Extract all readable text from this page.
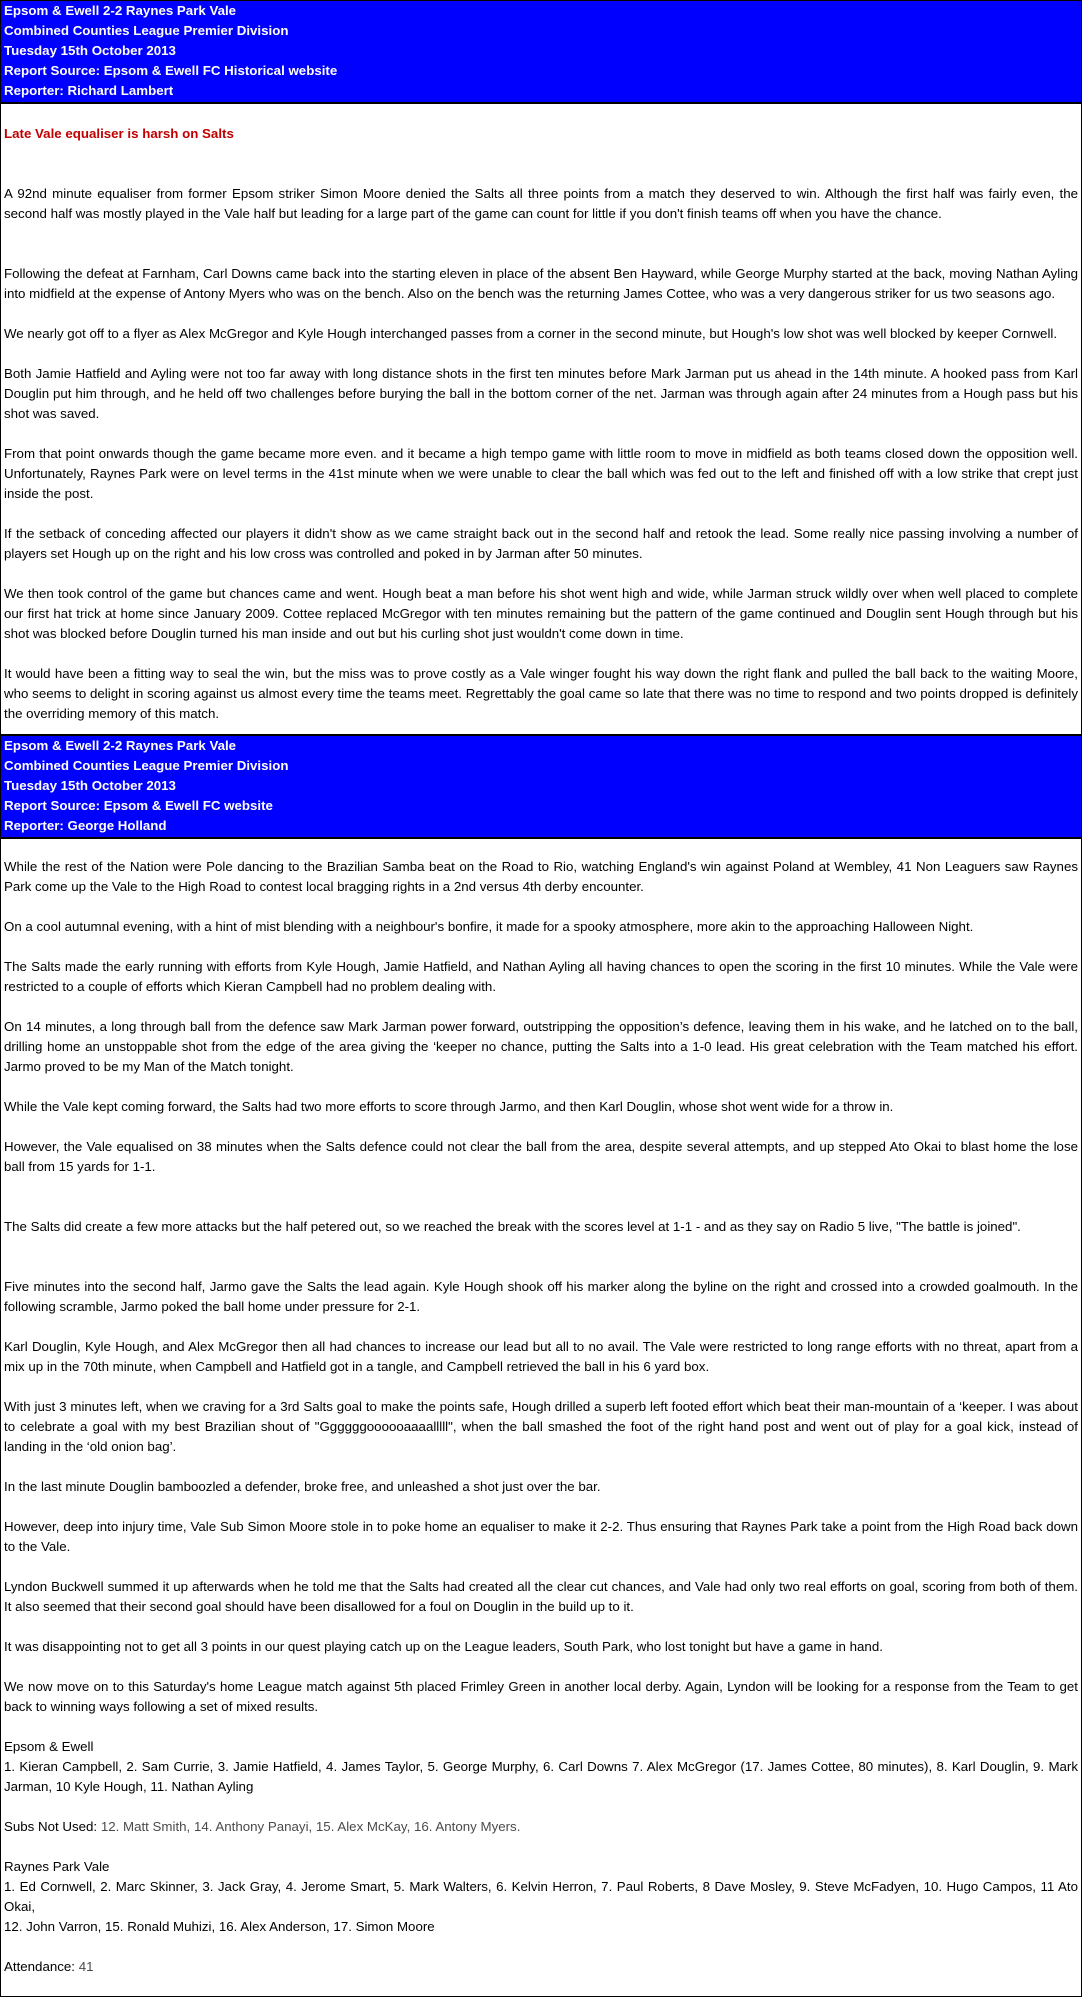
Epsom & Ewell 2-2 Raynes Park Vale
Combined Counties League Premier Division
Tuesday 15th October 2013
Report Source: Epsom & Ewell FC Historical website
Reporter: Richard Lambert

Late Vale equaliser is harsh on Salts

A 92nd minute equaliser from former Epsom striker Simon Moore denied the Salts all three points from a match they deserved to win. Although the first half was fairly even, the second half was mostly played in the Vale half but leading for a large part of the game can count for little if you don't finish teams off when you have the chance.

Following the defeat at Farnham, Carl Downs came back into the starting eleven in place of the absent Ben Hayward, while George Murphy started at the back, moving Nathan Ayling into midfield at the expense of Antony Myers who was on the bench. Also on the bench was the returning James Cottee, who was a very dangerous striker for us two seasons ago.

We nearly got off to a flyer as Alex McGregor and Kyle Hough interchanged passes from a corner in the second minute, but Hough's low shot was well blocked by keeper Cornwell.

Both Jamie Hatfield and Ayling were not too far away with long distance shots in the first ten minutes before Mark Jarman put us ahead in the 14th minute. A hooked pass from Karl Douglin put him through, and he held off two challenges before burying the ball in the bottom corner of the net. Jarman was through again after 24 minutes from a Hough pass but his shot was saved.

From that point onwards though the game became more even. and it became a high tempo game with little room to move in midfield as both teams closed down the opposition well. Unfortunately, Raynes Park were on level terms in the 41st minute when we were unable to clear the ball which was fed out to the left and finished off with a low strike that crept just inside the post.

If the setback of conceding affected our players it didn't show as we came straight back out in the second half and retook the lead. Some really nice passing involving a number of players set Hough up on the right and his low cross was controlled and poked in by Jarman after 50 minutes.

We then took control of the game but chances came and went. Hough beat a man before his shot went high and wide, while Jarman struck wildly over when well placed to complete our first hat trick at home since January 2009. Cottee replaced McGregor with ten minutes remaining but the pattern of the game continued and Douglin sent Hough through but his shot was blocked before Douglin turned his man inside and out but his curling shot just wouldn't come down in time.

It would have been a fitting way to seal the win, but the miss was to prove costly as a Vale winger fought his way down the right flank and pulled the ball back to the waiting Moore, who seems to delight in scoring against us almost every time the teams meet. Regrettably the goal came so late that there was no time to respond and two points dropped is definitely the overriding memory of this match.

Epsom & Ewell 2-2 Raynes Park Vale
Combined Counties League Premier Division
Tuesday 15th October 2013
Report Source: Epsom & Ewell FC website
Reporter: George Holland

While the rest of the Nation were Pole dancing to the Brazilian Samba beat on the Road to Rio, watching England's win against Poland at Wembley, 41 Non Leaguers saw Raynes Park come up the Vale to the High Road to contest local bragging rights in a 2nd versus 4th derby encounter.

On a cool autumnal evening, with a hint of mist blending with a neighbour's bonfire, it made for a spooky atmosphere, more akin to the approaching Halloween Night.

The Salts made the early running with efforts from Kyle Hough, Jamie Hatfield, and Nathan Ayling all having chances to open the scoring in the first 10 minutes. While the Vale were restricted to a couple of efforts which Kieran Campbell had no problem dealing with.

On 14 minutes, a long through ball from the defence saw Mark Jarman power forward, outstripping the opposition’s defence, leaving them in his wake, and he latched on to the ball, drilling home an unstoppable shot from the edge of the area giving the ‘keeper no chance, putting the Salts into a 1-0 lead. His great celebration with the Team matched his effort. Jarmo proved to be my Man of the Match tonight.

While the Vale kept coming forward, the Salts had two more efforts to score through Jarmo, and then Karl Douglin, whose shot went wide for a throw in.

However, the Vale equalised on 38 minutes when the Salts defence could not clear the ball from the area, despite several attempts, and up stepped Ato Okai to blast home the lose ball from 15 yards for 1-1.

The Salts did create a few more attacks but the half petered out, so we reached the break with the scores level at 1-1 - and as they say on Radio 5 live, "The battle is joined".

Five minutes into the second half, Jarmo gave the Salts the lead again. Kyle Hough shook off his marker along the byline on the right and crossed into a crowded goalmouth. In the following scramble, Jarmo poked the ball home under pressure for 2-1.

Karl Douglin, Kyle Hough, and Alex McGregor then all had chances to increase our lead but all to no avail. The Vale were restricted to long range efforts with no threat, apart from a mix up in the 70th minute, when Campbell and Hatfield got in a tangle, and Campbell retrieved the ball in his 6 yard box.

With just 3 minutes left, when we craving for a 3rd Salts goal to make the points safe, Hough drilled a superb left footed effort which beat their man-mountain of a ‘keeper. I was about to celebrate a goal with my best Brazilian shout of "Ggggggoooooaaaalllll", when the ball smashed the foot of the right hand post and went out of play for a goal kick, instead of landing in the ‘old onion bag’.

In the last minute Douglin bamboozled a defender, broke free, and unleashed a shot just over the bar.

However, deep into injury time, Vale Sub Simon Moore stole in to poke home an equaliser to make it 2-2. Thus ensuring that Raynes Park take a point from the High Road back down to the Vale.

Lyndon Buckwell summed it up afterwards when he told me that the Salts had created all the clear cut chances, and Vale had only two real efforts on goal, scoring from both of them. It also seemed that their second goal should have been disallowed for a foul on Douglin in the build up to it.

It was disappointing not to get all 3 points in our quest playing catch up on the League leaders, South Park, who lost tonight but have a game in hand.

We now move on to this Saturday's home League match against 5th placed Frimley Green in another local derby. Again, Lyndon will be looking for a response from the Team to get back to winning ways following a set of mixed results.

Epsom & Ewell

1. Kieran Campbell, 2. Sam Currie, 3. Jamie Hatfield, 4. James Taylor, 5. George Murphy, 6. Carl Downs 7. Alex McGregor (17. James Cottee, 80 minutes), 8. Karl Douglin, 9. Mark Jarman, 10 Kyle Hough, 11. Nathan Ayling

Subs Not Used: 12. Matt Smith, 14. Anthony Panayi, 15. Alex McKay, 16. Antony Myers.

Raynes Park Vale

1. Ed Cornwell, 2. Marc Skinner, 3. Jack Gray, 4. Jerome Smart, 5. Mark Walters, 6. Kelvin Herron, 7. Paul Roberts, 8 Dave Mosley, 9. Steve McFadyen, 10. Hugo Campos, 11 Ato Okai,

12. John Varron, 15. Ronald Muhizi, 16. Alex Anderson, 17. Simon Moore

Attendance: 41
